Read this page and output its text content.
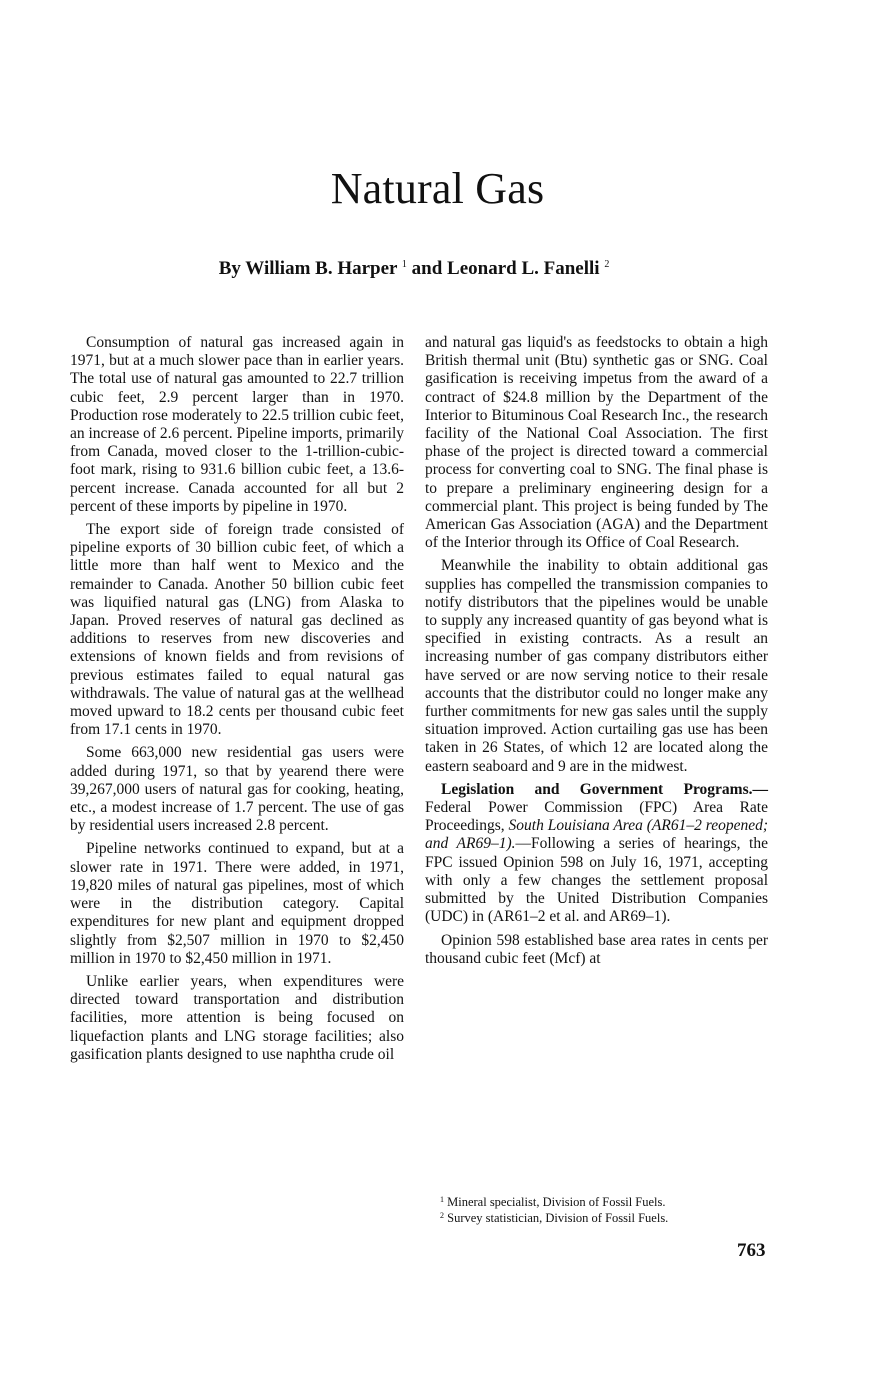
Natural Gas
By William B. Harper $^1$ and Leonard L. Fanelli $^2$

Consumption of natural gas increased again in 1971, but at a much slower pace than in earlier years. The total use of natural gas amounted to 22.7 trillion cubic feet, 2.9 percent larger than in 1970. Production rose moderately to 22.5 trillion cubic feet, an increase of 2.6 percent. Pipeline imports, primarily from Canada, moved closer to the 1-trillion-cubic-foot mark, rising to 931.6 billion cubic feet, a 13.6-percent increase. Canada accounted for all but 2 percent of these imports by pipeline in 1970.

The export side of foreign trade consisted of pipeline exports of 30 billion cubic feet, of which a little more than half went to Mexico and the remainder to Canada. Another 50 billion cubic feet was liquified natural gas (LNG) from Alaska to Japan. Proved reserves of natural gas declined as additions to reserves from new discoveries and extensions of known fields and from revisions of previous estimates failed to equal natural gas withdrawals. The value of natural gas at the wellhead moved upward to 18.2 cents per thousand cubic feet from 17.1 cents in 1970.

Some 663,000 new residential gas users were added during 1971, so that by yearend there were 39,267,000 users of natural gas for cooking, heating, etc., a modest increase of 1.7 percent. The use of gas by residential users increased 2.8 percent.

Pipeline networks continued to expand, but at a slower rate in 1971. There were added, in 1971, 19,820 miles of natural gas pipelines, most of which were in the distribution category. Capital expenditures for new plant and equipment dropped slightly from $2,507 million in 1970 to $2,450 million in 1970 to $2,450 million in 1971.

Unlike earlier years, when expenditures were directed toward transportation and distribution facilities, more attention is being focused on liquefaction plants and LNG storage facilities; also gasification plants designed to use naphtha crude oil

and natural gas liquid's as feedstocks to obtain a high British thermal unit (Btu) synthetic gas or SNG. Coal gasification is receiving impetus from the award of a contract of $24.8 million by the Department of the Interior to Bituminous Coal Research Inc., the research facility of the National Coal Association. The first phase of the project is directed toward a commercial process for converting coal to SNG. The final phase is to prepare a preliminary engineering design for a commercial plant. This project is being funded by The American Gas Association (AGA) and the Department of the Interior through its Office of Coal Research.

Meanwhile the inability to obtain additional gas supplies has compelled the transmission companies to notify distributors that the pipelines would be unable to supply any increased quantity of gas beyond what is specified in existing contracts. As a result an increasing number of gas company distributors either have served or are now serving notice to their resale accounts that the distributor could no longer make any further commitments for new gas sales until the supply situation improved. Action curtailing gas use has been taken in 26 States, of which 12 are located along the eastern seaboard and 9 are in the midwest.

Legislation and Government Programs.— Federal Power Commission (FPC) Area Rate Proceedings, South Louisiana Area (AR61–2 reopened; and AR69–1).—Following a series of hearings, the FPC issued Opinion 598 on July 16, 1971, accepting with only a few changes the settlement proposal submitted by the United Distribution Companies (UDC) in (AR61–2 et al. and AR69–1).

Opinion 598 established base area rates in cents per thousand cubic feet (Mcf) at

$^1$ Mineral specialist, Division of Fossil Fuels.
$^2$ Survey statistician, Division of Fossil Fuels.
763
